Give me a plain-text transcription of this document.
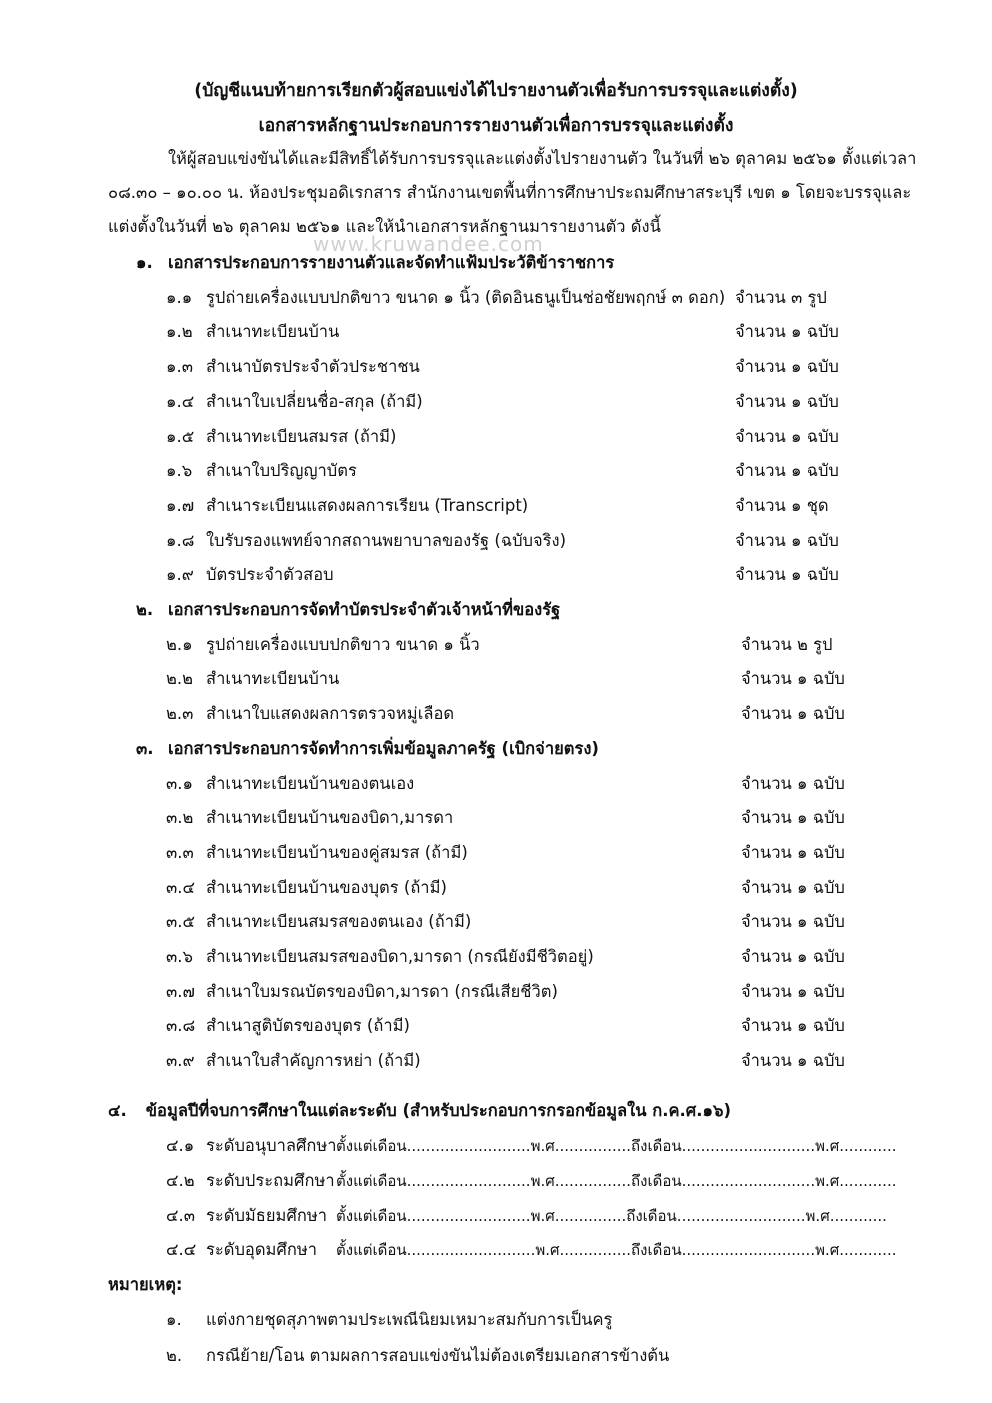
(บัญชีแนบท้ายการเรียกตัวผู้สอบแข่งได้ไปรายงานตัวเพื่อรับการบรรจุและแต่งตั้ง)
เอกสารหลักฐานประกอบการรายงานตัวเพื่อการบรรจุและแต่งตั้ง
ให้ผู้สอบแข่งขันได้และมีสิทธิ์ได้รับการบรรจุและแต่งตั้งไปรายงานตัว ในวันที่ ๒๖ ตุลาคม ๒๕๖๑ ตั้งแต่เวลา
๐๘.๓๐ – ๑๐.๐๐ น. ห้องประชุมอดิเรกสาร สำนักงานเขตพื้นที่การศึกษาประถมศึกษาสระบุรี เขต ๑ โดยจะบรรจุและ
แต่งตั้งในวันที่ ๒๖ ตุลาคม ๒๕๖๑ และให้นำเอกสารหลักฐานมารายงานตัว ดังนี้
www.kruwandee.com
๑. เอกสารประกอบการรายงานตัวและจัดทำแฟ้มประวัติข้าราชการ
๑.๑ รูปถ่ายเครื่องแบบปกติขาว ขนาด ๑ นิ้ว (ติดอินธนูเป็นช่อชัยพฤกษ์ ๓ ดอก) จำนวน ๓ รูป
๑.๒ สำเนาทะเบียนบ้าน	จำนวน ๑ ฉบับ
๑.๓ สำเนาบัตรประจำตัวประชาชน	จำนวน ๑ ฉบับ
๑.๔ สำเนาใบเปลี่ยนชื่อ-สกุล (ถ้ามี)	จำนวน ๑ ฉบับ
๑.๕ สำเนาทะเบียนสมรส (ถ้ามี)	จำนวน ๑ ฉบับ
๑.๖ สำเนาใบปริญญาบัตร	จำนวน ๑ ฉบับ
๑.๗ สำเนาระเบียนแสดงผลการเรียน (Transcript)	จำนวน ๑ ชุด
๑.๘ ใบรับรองแพทย์จากสถานพยาบาลของรัฐ (ฉบับจริง)	จำนวน ๑ ฉบับ
๑.๙ บัตรประจำตัวสอบ	จำนวน ๑ ฉบับ
๒. เอกสารประกอบการจัดทำบัตรประจำตัวเจ้าหน้าที่ของรัฐ
๒.๑ รูปถ่ายเครื่องแบบปกติขาว ขนาด ๑ นิ้ว	จำนวน ๒ รูป
๒.๒ สำเนาทะเบียนบ้าน	จำนวน ๑ ฉบับ
๒.๓ สำเนาใบแสดงผลการตรวจหมู่เลือด	จำนวน ๑ ฉบับ
๓. เอกสารประกอบการจัดทำการเพิ่มข้อมูลภาครัฐ (เบิกจ่ายตรง)
๓.๑ สำเนาทะเบียนบ้านของตนเอง	จำนวน ๑ ฉบับ
๓.๒ สำเนาทะเบียนบ้านของบิดา,มารดา	จำนวน ๑ ฉบับ
๓.๓ สำเนาทะเบียนบ้านของคู่สมรส (ถ้ามี)	จำนวน ๑ ฉบับ
๓.๔ สำเนาทะเบียนบ้านของบุตร (ถ้ามี)	จำนวน ๑ ฉบับ
๓.๕ สำเนาทะเบียนสมรสของตนเอง (ถ้ามี)	จำนวน ๑ ฉบับ
๓.๖ สำเนาทะเบียนสมรสของบิดา,มารดา (กรณียังมีชีวิตอยู่)	จำนวน ๑ ฉบับ
๓.๗ สำเนาใบมรณบัตรของบิดา,มารดา (กรณีเสียชีวิต)	จำนวน ๑ ฉบับ
๓.๘ สำเนาสูติบัตรของบุตร (ถ้ามี)	จำนวน ๑ ฉบับ
๓.๙ สำเนาใบสำคัญการหย่า (ถ้ามี)	จำนวน ๑ ฉบับ
๔. ข้อมูลปีที่จบการศึกษาในแต่ละระดับ (สำหรับประกอบการกรอกข้อมูลใน ก.ค.ศ.๑๖)
๔.๑ ระดับอนุบาลศึกษาตั้งแต่เดือน..........................พ.ศ................ถึงเดือน............................พ.ศ............
๔.๒ ระดับประถมศึกษาตั้งแต่เดือน..........................พ.ศ................ถึงเดือน............................พ.ศ............
๔.๓ ระดับมัธยมศึกษา ตั้งแต่เดือน..........................พ.ศ...............ถึงเดือน...........................พ.ศ............
๔.๔ ระดับอุดมศึกษา ตั้งแต่เดือน...........................พ.ศ...............ถึงเดือน............................พ.ศ............
หมายเหตุ:
๑. แต่งกายชุดสุภาพตามประเพณีนิยมเหมาะสมกับการเป็นครู
๒. กรณีย้าย/โอน ตามผลการสอบแข่งขันไม่ต้องเตรียมเอกสารข้างต้น
